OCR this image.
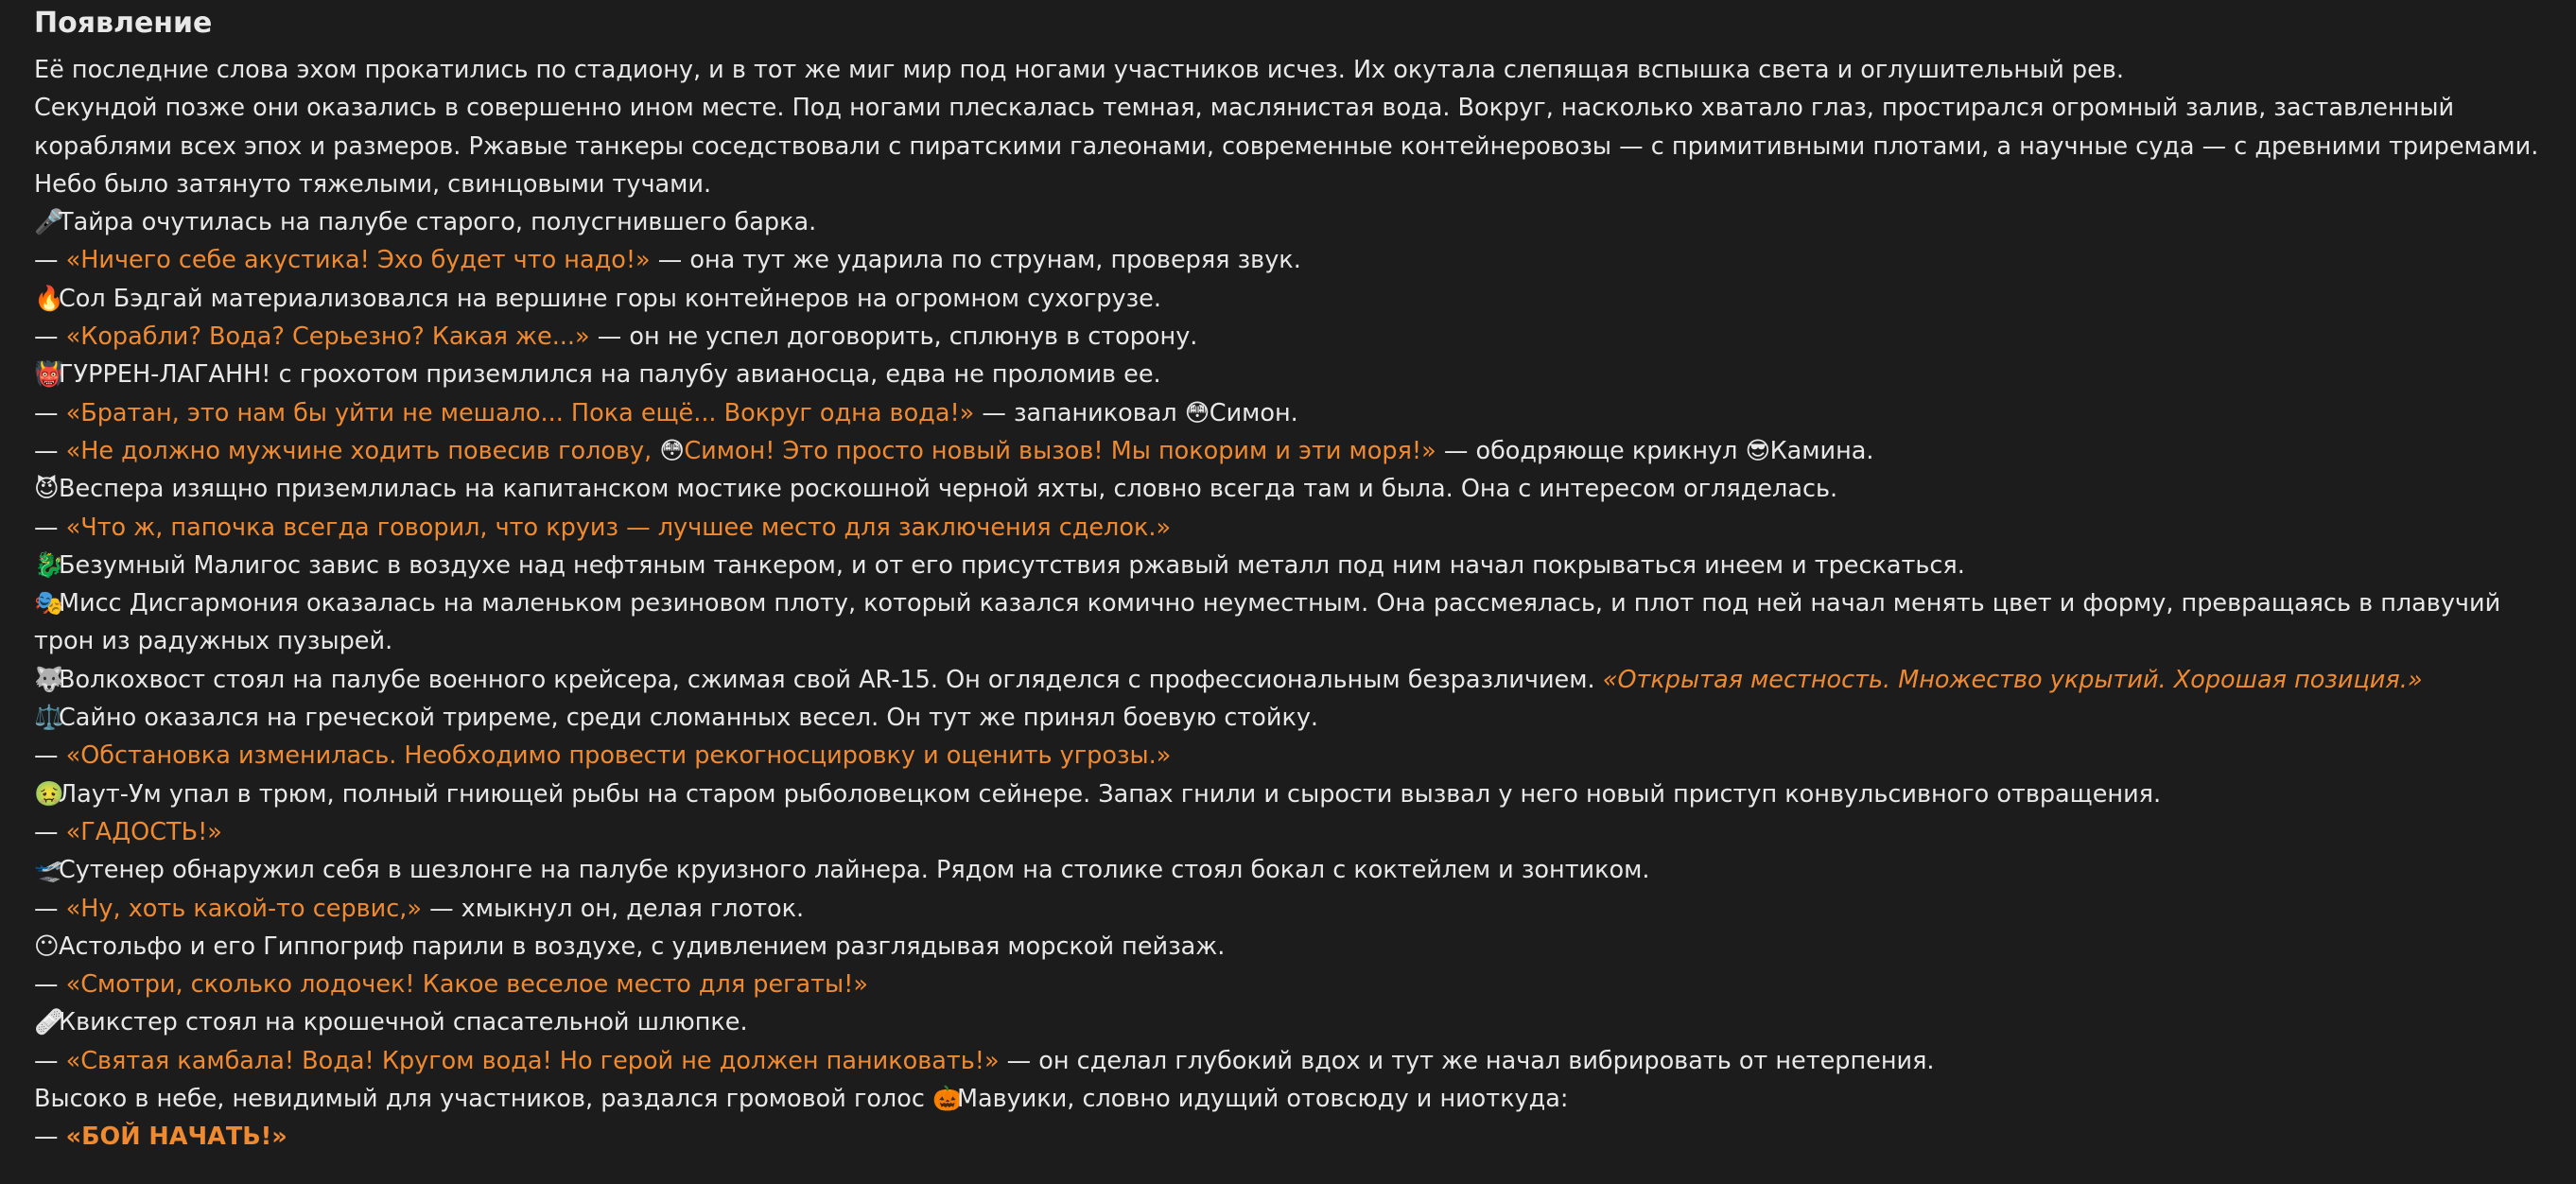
Появление
Её последние слова эхом прокатились по стадиону, и в тот же миг мир под ногами участников исчез. Их окутала слепящая вспышка света и оглушительный рев.
Секундой позже они оказались в совершенно ином месте. Под ногами плескалась темная, маслянистая вода. Вокруг, насколько хватало глаз, простирался огромный залив, заставленный кораблями всех эпох и размеров. Ржавые танкеры соседствовали с пиратскими галеонами, современные контейнеровозы — с примитивными плотами, а научные суда — с древними триремами. Небо было затянуто тяжелыми, свинцовыми тучами.
🎤Тайра очутилась на палубе старого, полусгнившего барка.
— «Ничего себе акустика! Эхо будет что надо!» — она тут же ударила по струнам, проверяя звук.
🔥Сол Бэдгай материализовался на вершине горы контейнеров на огромном сухогрузе.
— «Корабли? Вода? Серьезно? Какая же...» — он не успел договорить, сплюнув в сторону.
👹ГУРРЕН-ЛАГАНН! с грохотом приземлился на палубу авианосца, едва не проломив ее.
— «Братан, это нам бы уйти не мешало... Пока ещё... Вокруг одна вода!» — запаниковал 😳Симон.
— «Не должно мужчине ходить повесив голову, 😳Симон! Это просто новый вызов! Мы покорим и эти моря!» — ободряюще крикнул 😎Камина.
😈Веспера изящно приземлилась на капитанском мостике роскошной черной яхты, словно всегда там и была. Она с интересом огляделась.
— «Что ж, папочка всегда говорил, что круиз — лучшее место для заключения сделок.»
🐉Безумный Малигос завис в воздухе над нефтяным танкером, и от его присутствия ржавый металл под ним начал покрываться инеем и трескаться.
🎭Мисс Дисгармония оказалась на маленьком резиновом плоту, который казался комично неуместным. Она рассмеялась, и плот под ней начал менять цвет и форму, превращаясь в плавучий трон из радужных пузырей.
🐺Волкохвост стоял на палубе военного крейсера, сжимая свой AR-15. Он огляделся с профессиональным безразличием. «Открытая местность. Множество укрытий. Хорошая позиция.»
⚖️Сайно оказался на греческой триреме, среди сломанных весел. Он тут же принял боевую стойку.
— «Обстановка изменилась. Необходимо провести рекогносцировку и оценить угрозы.»
🤢Лаут-Ум упал в трюм, полный гниющей рыбы на старом рыболовецком сейнере. Запах гнили и сырости вызвал у него новый приступ конвульсивного отвращения.
— «ГАДОСТЬ!»
🛫Сутенер обнаружил себя в шезлонге на палубе круизного лайнера. Рядом на столике стоял бокал с коктейлем и зонтиком.
— «Ну, хоть какой-то сервис,» — хмыкнул он, делая глоток.
😶Астольфо и его Гиппогриф парили в воздухе, с удивлением разглядывая морской пейзаж.
— «Смотри, сколько лодочек! Какое веселое место для регаты!»
🩹Квикстер стоял на крошечной спасательной шлюпке.
— «Святая камбала! Вода! Кругом вода! Но герой не должен паниковать!» — он сделал глубокий вдох и тут же начал вибрировать от нетерпения.
Высоко в небе, невидимый для участников, раздался громовой голос 🎃Мавуики, словно идущий отовсюду и ниоткуда:
— «БОЙ НАЧАТЬ!»
